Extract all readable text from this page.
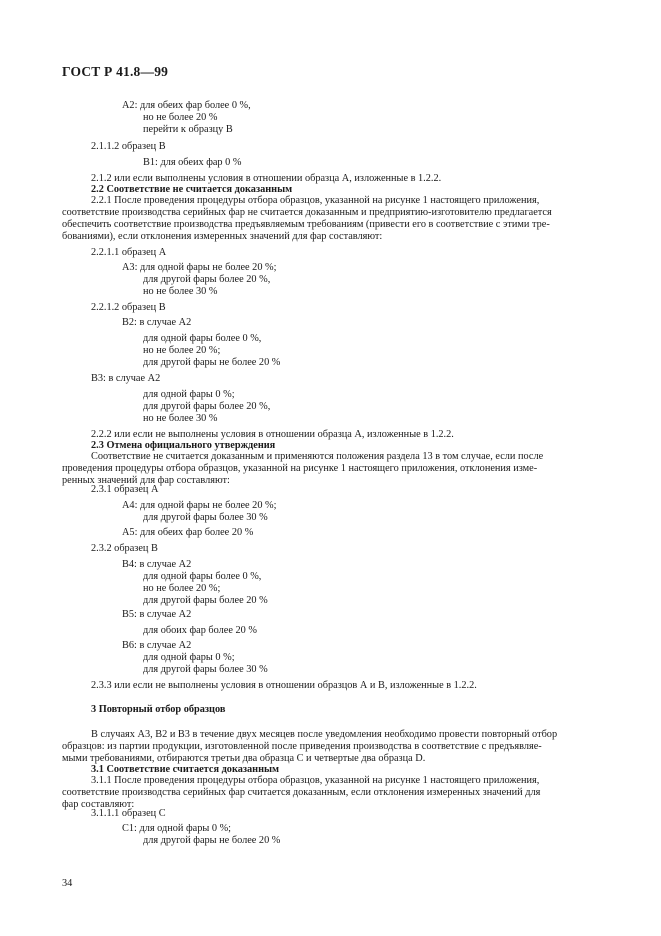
ГОСТ Р 41.8—99
А2: для обеих фар более 0 %,
но не более 20 %
перейти к образцу В
2.1.1.2 образец В
В1: для обеих фар 0 %
2.1.2 или если выполнены условия в отношении образца А, изложенные в 1.2.2.
2.2 Соответствие не считается доказанным
2.2.1 После проведения процедуры отбора образцов, указанной на рисунке 1 настоящего приложения,
соответствие производства серийных фар не считается доказанным и предприятию-изготовителю предлагается
обеспечить соответствие производства предъявляемым требованиям (привести его в соответствие с этими тре-
бованиями), если отклонения измеренных значений для фар составляют:
2.2.1.1 образец А
А3: для одной фары не более 20 %;
для другой фары более 20 %,
но не более 30 %
2.2.1.2 образец В
В2: в случае А2
для одной фары более 0 %,
но не более 20 %;
для другой фары не более 20 %
В3: в случае А2
для одной фары 0 %;
для другой фары более 20 %,
но не более 30 %
2.2.2 или если не выполнены условия в отношении образца А, изложенные в 1.2.2.
2.3 Отмена официального утверждения
Соответствие не считается доказанным и применяются положения раздела 13 в том случае, если после
проведения процедуры отбора образцов, указанной на рисунке 1 настоящего приложения, отклонения изме-
ренных значений для фар составляют:
2.3.1 образец А
А4: для одной фары не более 20 %;
для другой фары более 30 %
А5: для обеих фар более 20 %
2.3.2 образец В
В4: в случае А2
для одной фары более 0 %,
но не более 20 %;
для другой фары более 20 %
В5: в случае А2
для обоих фар более 20 %
В6: в случае А2
для одной фары 0 %;
для другой фары более 30 %
2.3.3 или если не выполнены условия в отношении образцов А и В, изложенные в 1.2.2.
3 Повторный отбор образцов
В случаях А3, В2 и В3 в течение двух месяцев после уведомления необходимо провести повторный отбор
образцов: из партии продукции, изготовленной после приведения производства в соответствие с предъявляе-
мыми требованиями, отбираются третьи два образца С и четвертые два образца D.
3.1 Соответствие считается доказанным
3.1.1 После проведения процедуры отбора образцов, указанной на рисунке 1 настоящего приложения,
соответствие производства серийных фар считается доказанным, если отклонения измеренных значений для
фар составляют:
3.1.1.1 образец С
С1: для одной фары 0 %;
для другой фары не более 20 %
34
